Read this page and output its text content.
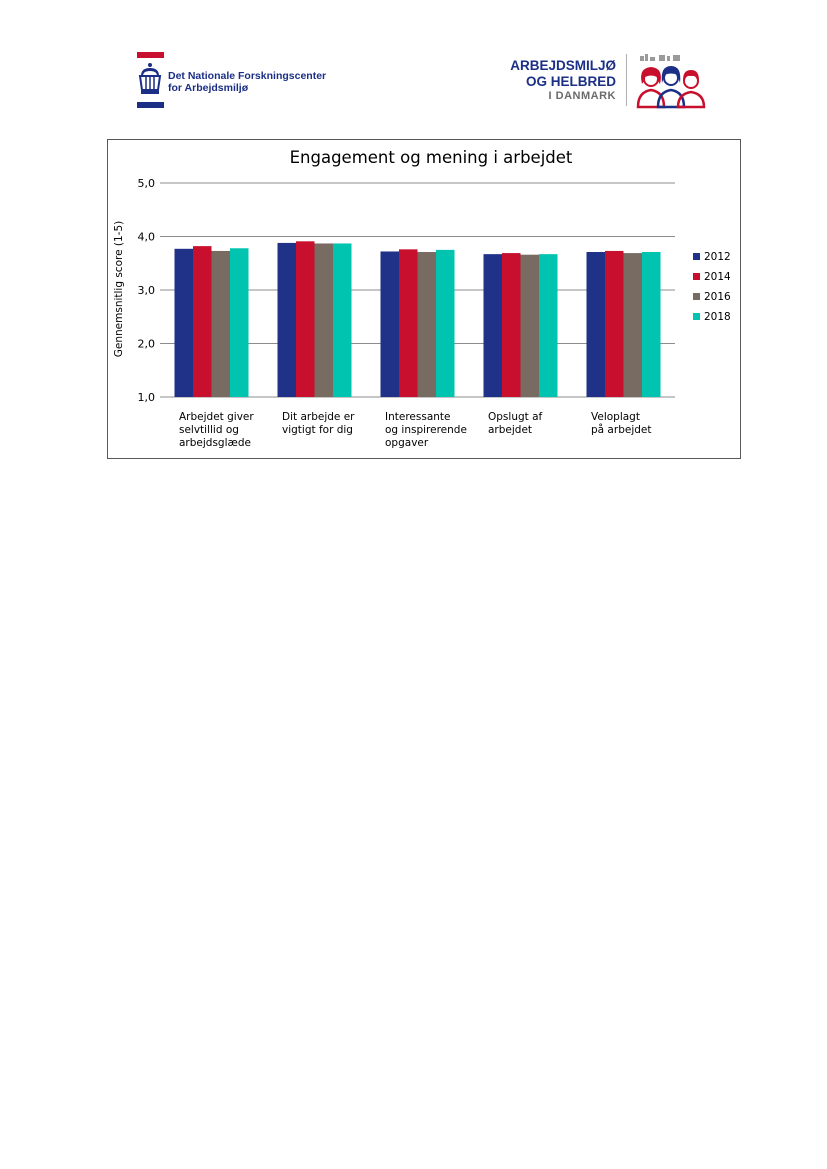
Det Nationale Forskningscenter
for Arbejdsmiljø
ARBEJDSMILJØ
OG HELBRED
I DANMARK
Engagement og mening i arbejdet
1,0
2,0
3,0
4,0
5,0
Gennemsnitlig score (1-5)
Arbejdet giver selvtillid og arbejdsglæde
Dit arbejde er vigtigt for dig
Interessante og inspirerende opgaver
Opslugt af arbejdet
Veloplagt på arbejdet
2012
2014
2016
2018
